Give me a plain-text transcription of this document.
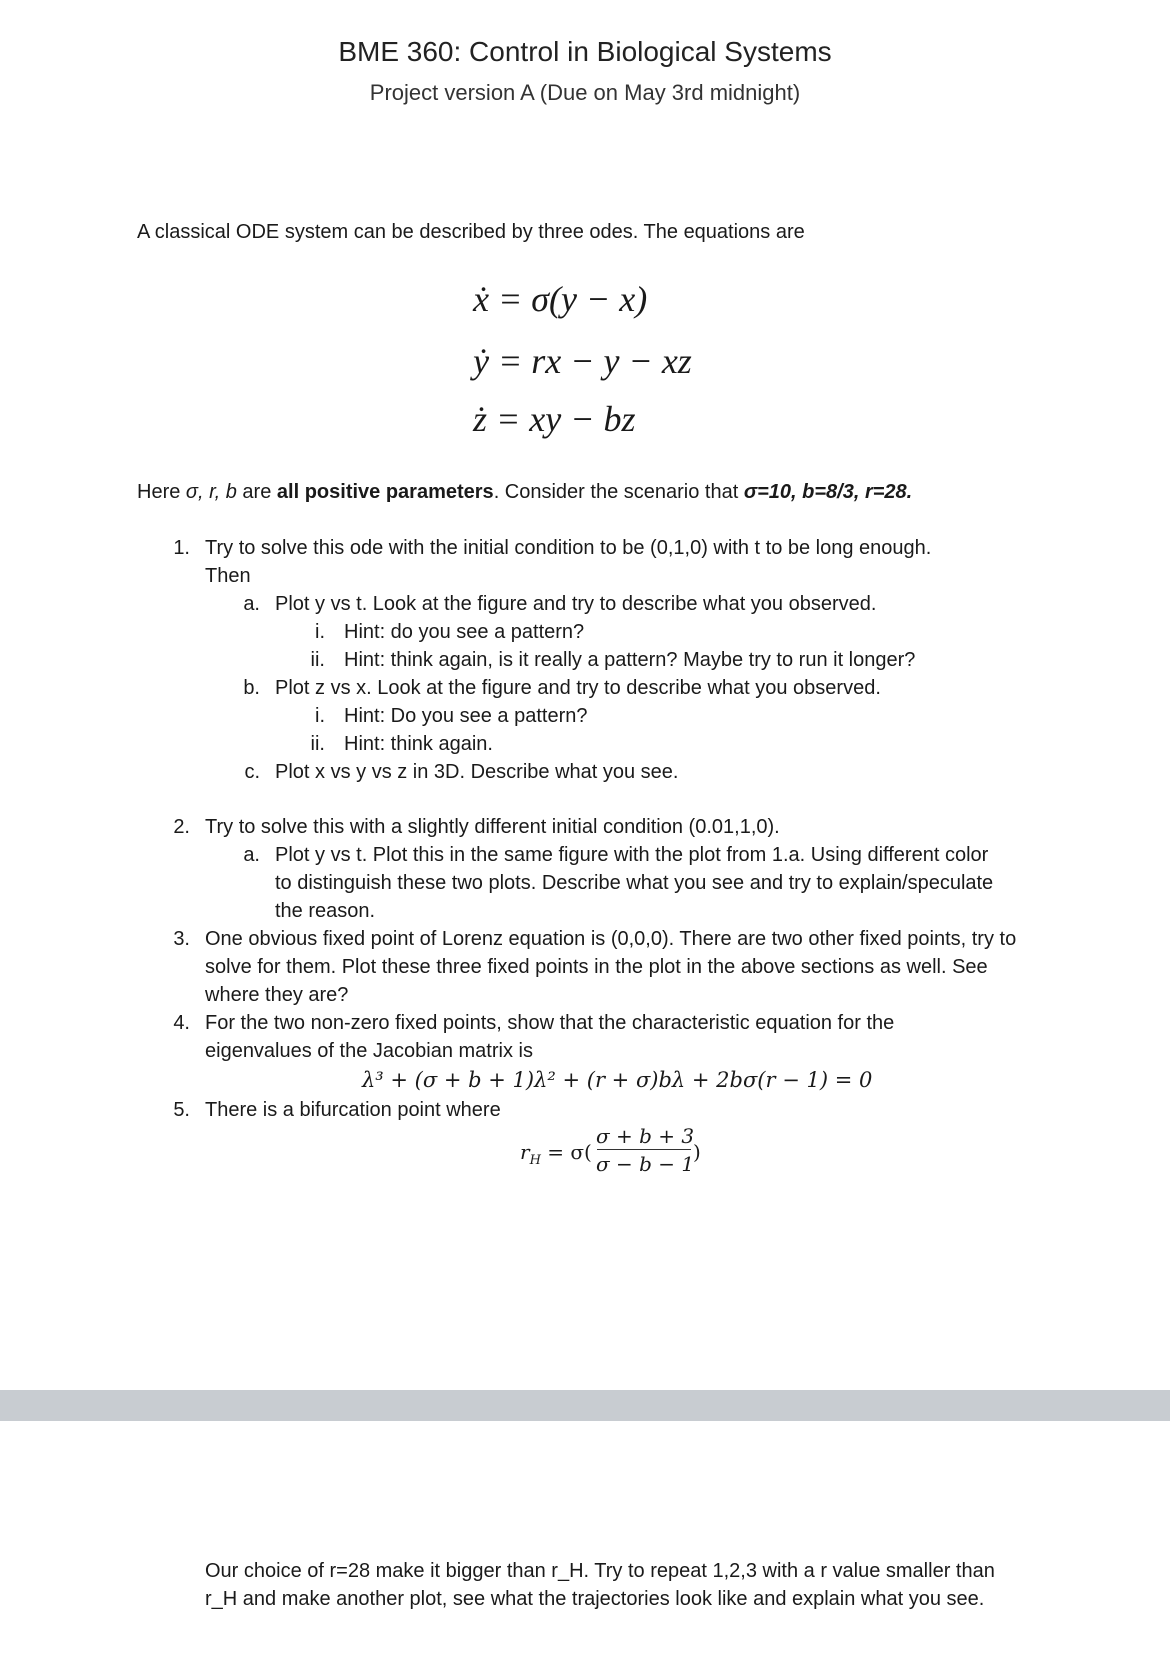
BME 360: Control in Biological Systems
Project version A (Due on May 3rd midnight)
A classical ODE system can be described by three odes. The equations are
ẋ = σ(y − x)
ẏ = rx − y − xz
ż = xy − bz
Here σ, r, b are all positive parameters. Consider the scenario that σ=10, b=8/3, r=28.
1. Try to solve this ode with the initial condition to be (0,1,0) with t to be long enough.
Then
a. Plot y vs t. Look at the figure and try to describe what you observed.
i. Hint: do you see a pattern?
ii. Hint: think again, is it really a pattern? Maybe try to run it longer?
b. Plot z vs x. Look at the figure and try to describe what you observed.
i. Hint: Do you see a pattern?
ii. Hint: think again.
c. Plot x vs y vs z in 3D. Describe what you see.
2. Try to solve this with a slightly different initial condition (0.01,1,0).
a. Plot y vs t. Plot this in the same figure with the plot from 1.a. Using different color to distinguish these two plots. Describe what you see and try to explain/speculate the reason.
3. One obvious fixed point of Lorenz equation is (0,0,0). There are two other fixed points, try to solve for them. Plot these three fixed points in the plot in the above sections as well. See where they are?
4. For the two non-zero fixed points, show that the characteristic equation for the eigenvalues of the Jacobian matrix is
λ³ + (σ + b + 1)λ² + (r + σ)bλ + 2bσ(r − 1) = 0
5. There is a bifurcation point where
$r_H = \sigma$(
σ + b + 3
σ − b − 1
)
Our choice of r=28 make it bigger than r_H. Try to repeat 1,2,3 with a r value smaller than r_H and make another plot, see what the trajectories look like and explain what you see.
